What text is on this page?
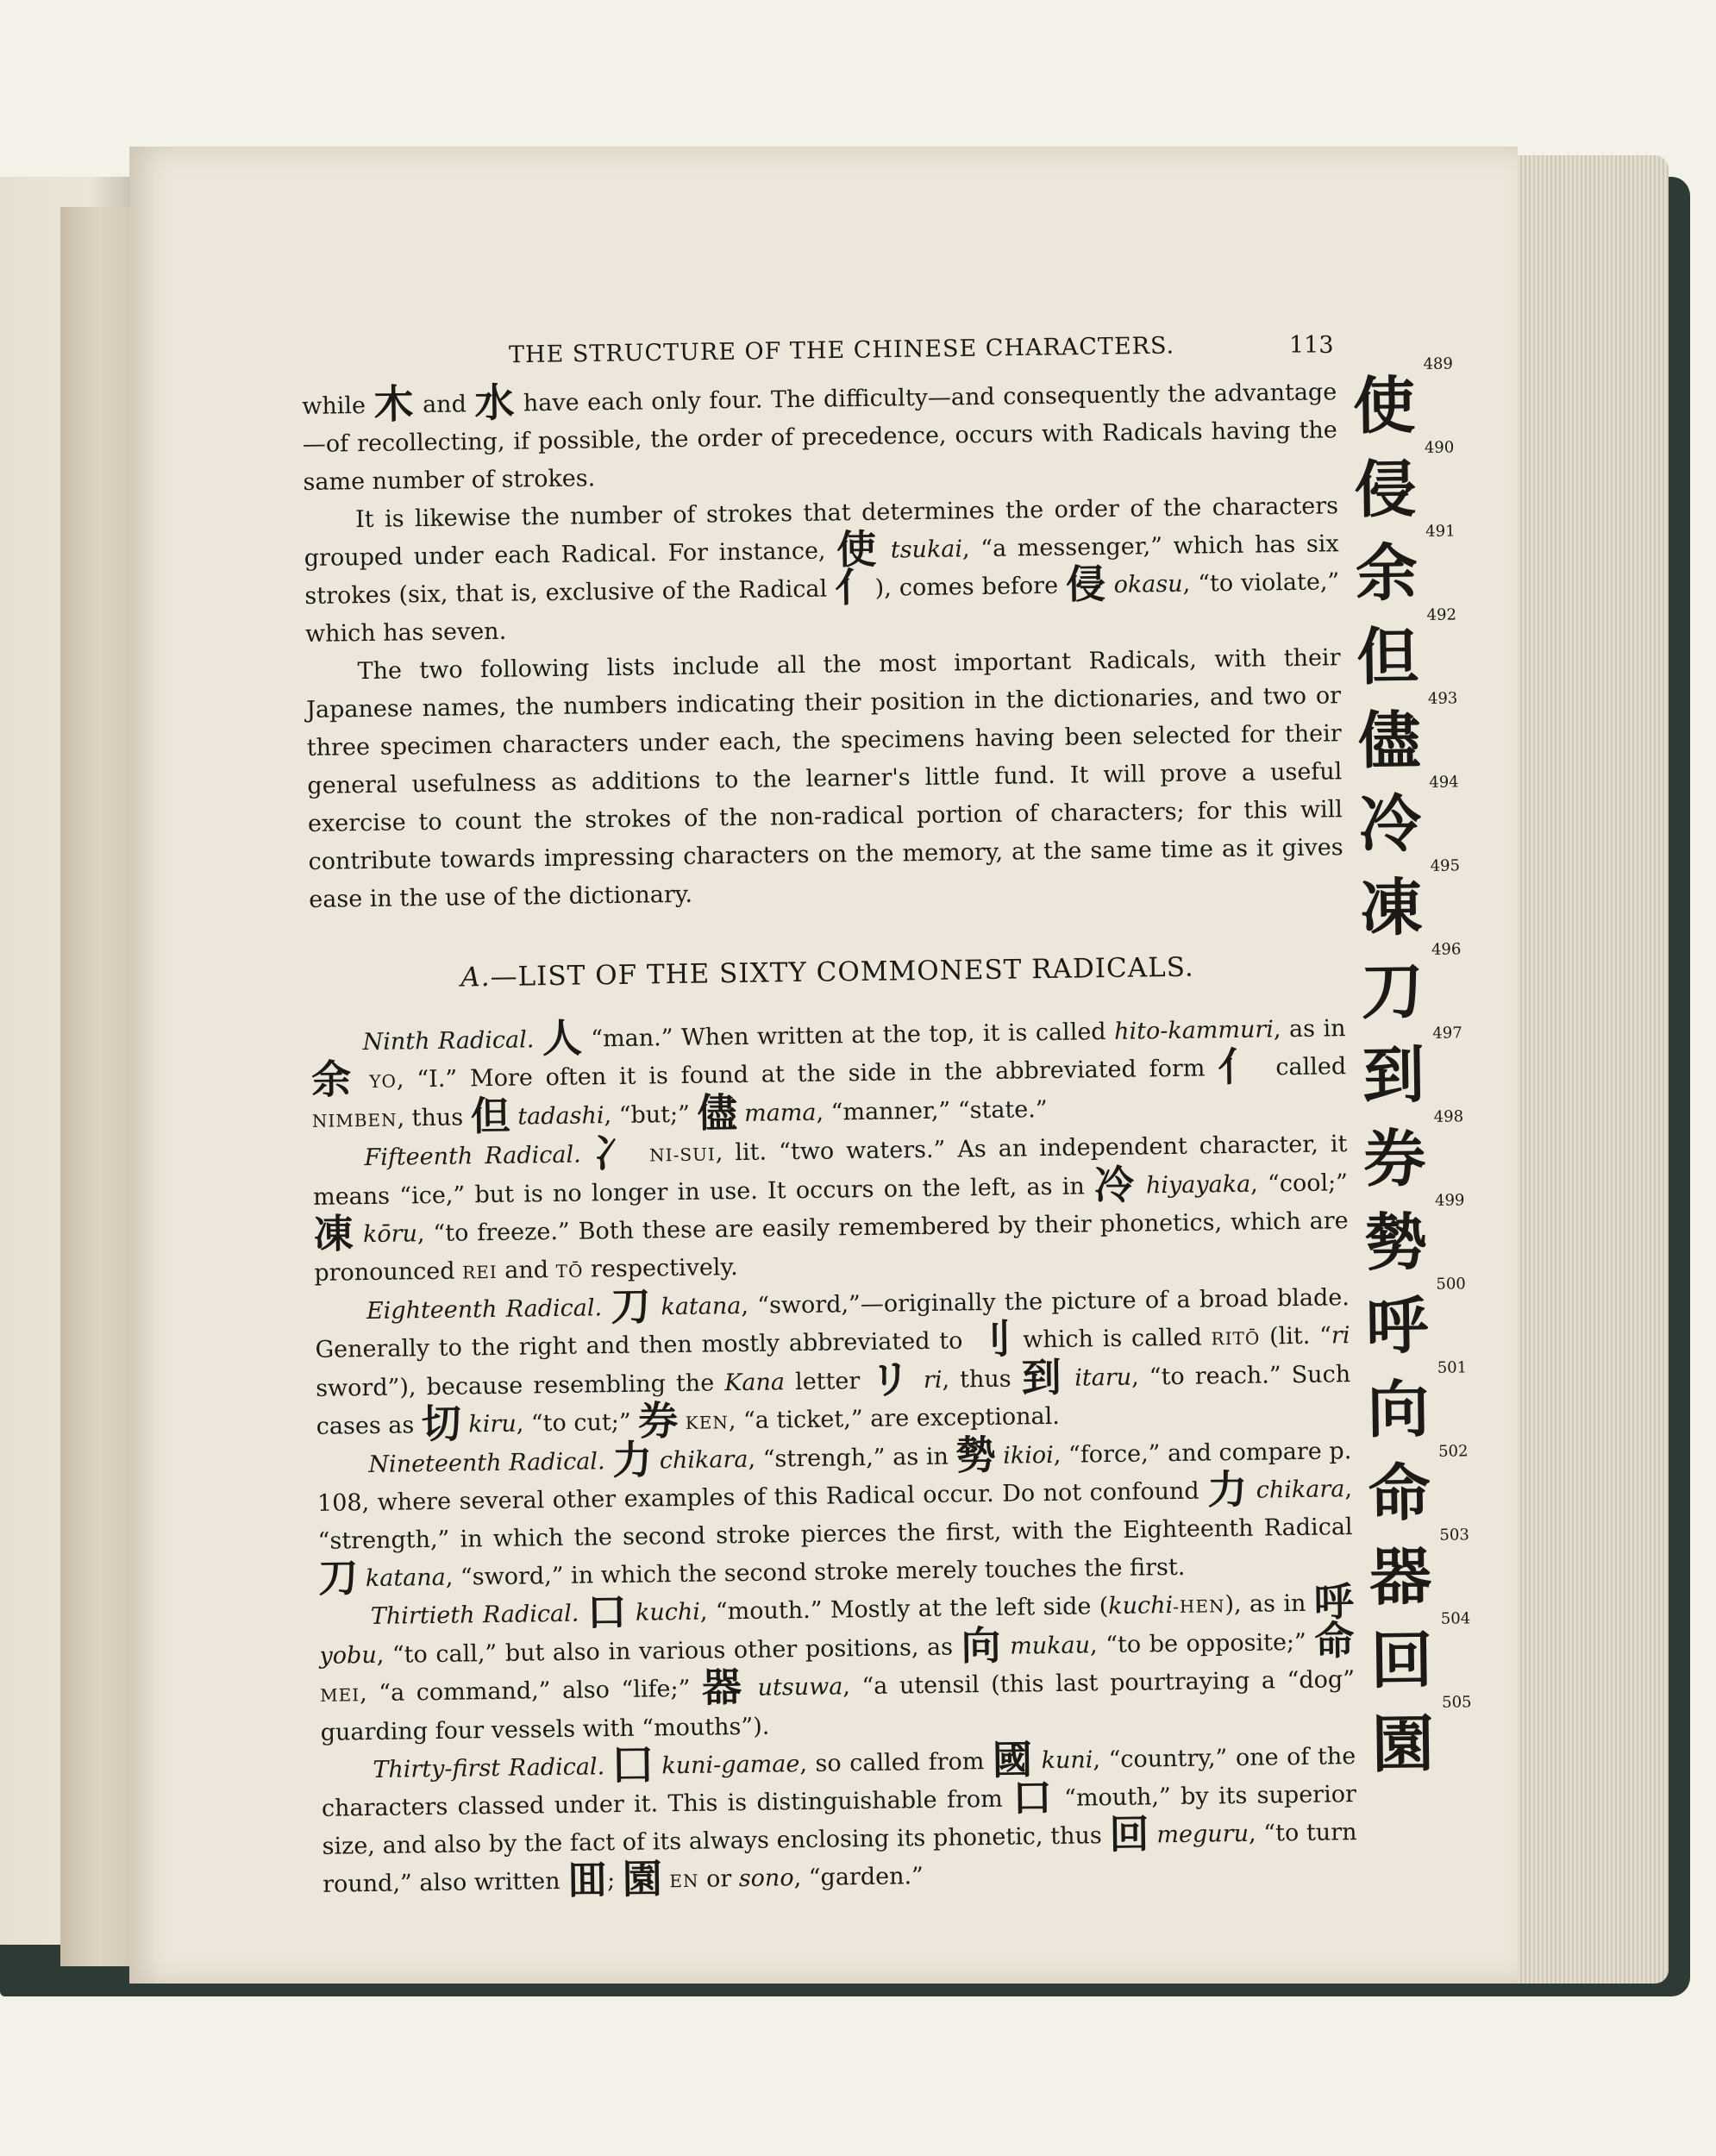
THE STRUCTURE OF THE CHINESE CHARACTERS.	113

while 木 and 水 have each only four. The difficulty—and consequently the advantage—of recollecting, if possible, the order of precedence, occurs with Radicals having the same number of strokes.

It is likewise the number of strokes that determines the order of the characters grouped under each Radical. For instance, 使 tsukai, “a messenger,” which has six strokes (six, that is, exclusive of the Radical 亻), comes before 侵 okasu, “to violate,” which has seven.

The two following lists include all the most important Radicals, with their Japanese names, the numbers indicating their position in the dictionaries, and two or three specimen characters under each, the specimens having been selected for their general usefulness as additions to the learner's little fund. It will prove a useful exercise to count the strokes of the non-radical portion of characters; for this will contribute towards impressing characters on the memory, at the same time as it gives ease in the use of the dictionary.

A.—LIST OF THE SIXTY COMMONEST RADICALS.

Ninth Radical. 人 “man.” When written at the top, it is called hito-kammuri, as in 余 YO, “I.” More often it is found at the side in the abbreviated form 亻 called NIMBEN, thus 但 tadashi, “but;” 儘 mama, “manner,” “state.”

Fifteenth Radical. 冫 NI-SUI, lit. “two waters.” As an independent character, it means “ice,” but is no longer in use. It occurs on the left, as in 冷 hiyayaka, “cool;” 凍 kōru, “to freeze.” Both these are easily remembered by their phonetics, which are pronounced REI and TŌ respectively.

Eighteenth Radical. 刀 katana, “sword,”—originally the picture of a broad blade. Generally to the right and then mostly abbreviated to 刂 which is called RITŌ (lit. “ri sword”), because resembling the Kana letter リ ri, thus 到 itaru, “to reach.” Such cases as 切 kiru, “to cut;” 券 KEN, “a ticket,” are exceptional.

Nineteenth Radical. 力 chikara, “strengh,” as in 勢 ikioi, “force,” and compare p. 108, where several other examples of this Radical occur. Do not confound 力 chikara, “strength,” in which the second stroke pierces the first, with the Eighteenth Radical 刀 katana, “sword,” in which the second stroke merely touches the first.

Thirtieth Radical. 口 kuchi, “mouth.” Mostly at the left side (kuchi-HEN), as in 呼 yobu, “to call,” but also in various other positions, as 向 mukau, “to be opposite;” 命 MEI, “a command,” also “life;” 器 utsuwa, “a utensil (this last pourtraying a “dog” guarding four vessels with “mouths”).

Thirty-first Radical. 囗 kuni-gamae, so called from 國 kuni, “country,” one of the characters classed under it. This is distinguishable from 口 “mouth,” by its superior size, and also by the fact of its always enclosing its phonetic, thus 回 meguru, “to turn round,” also written 囬; 園 EN or sono, “garden.”

489
使
490
侵
491
余
492
但
493
儘
494
冷
495
凍
496
刀
497
到
498
券
499
勢
500
呼
501
向
502
命
503
器
504
回
505
園
